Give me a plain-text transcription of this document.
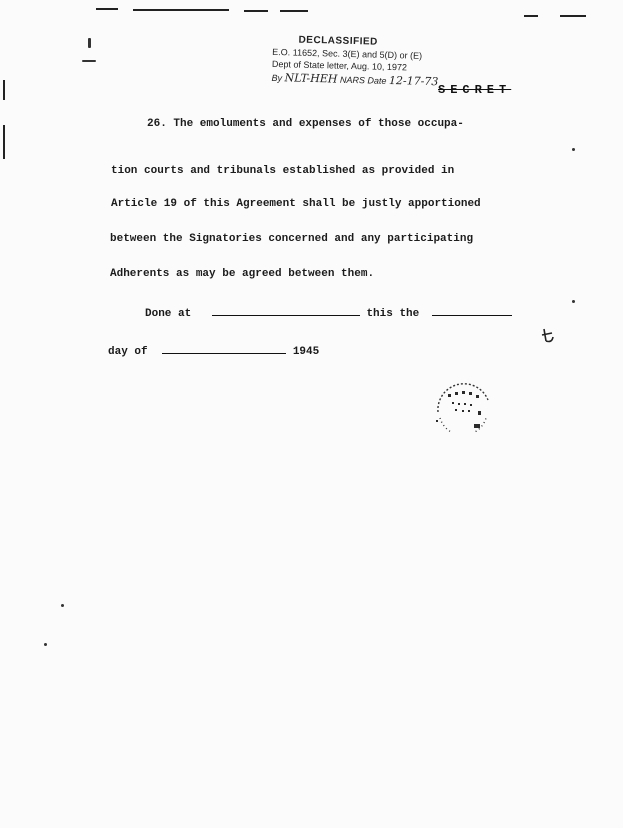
DECLASSIFIED
E.O. 11652, Sec. 3(E) and 5(D) or (E)
Dept of State letter, Aug. 10, 1972
By NLT-HEH NARS Date 12-17-73
SECRET
26. The emoluments and expenses of those occupa-
tion courts and tribunals established as provided in
Article 19 of this Agreement shall be justly apportioned
between the Signatories concerned and any participating
Adherents as may be agreed between them.
Done at	this the
day of	1945
